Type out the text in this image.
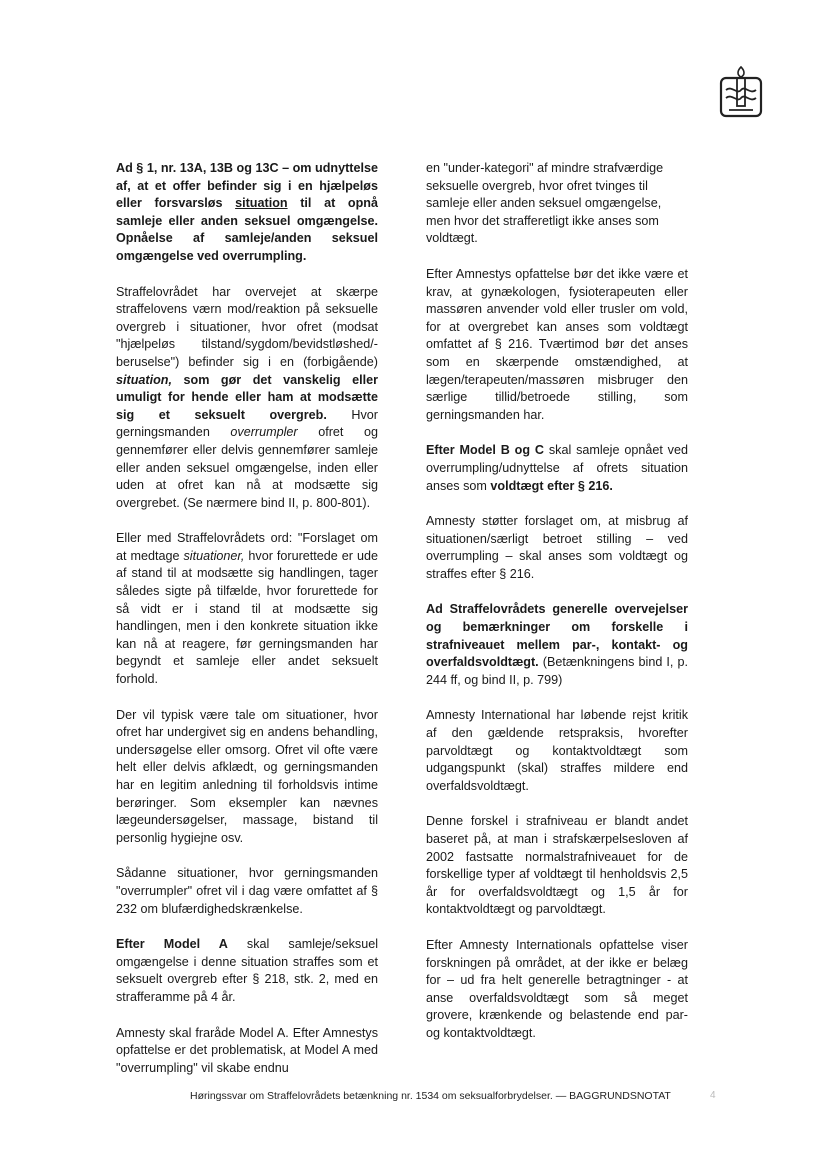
Ad § 1, nr. 13A, 13B og 13C – om udnyttelse af, at et offer befinder sig i en hjælpeløs eller forsvarsløs situation til at opnå samleje eller anden seksuel omgængelse. Opnåelse af samleje/anden seksuel omgængelse ved overrumpling.

Straffelovrådet har overvejet at skærpe straffelovens værn mod/reaktion på seksuelle overgreb i situationer, hvor ofret (modsat "hjælpeløs tilstand/sygdom/bevidstløshed/-beruselse") befinder sig i en (forbigående) situation, som gør det vanskelig eller umuligt for hende eller ham at modsætte sig et seksuelt overgreb. Hvor gerningsmanden overrumpler ofret og gennemfører eller delvis gennemfører samleje eller anden seksuel omgængelse, inden eller uden at ofret kan nå at modsætte sig overgrebet. (Se nærmere bind II, p. 800-801).

Eller med Straffelovrådets ord: "Forslaget om at medtage situationer, hvor forurettede er ude af stand til at modsætte sig handlingen, tager således sigte på tilfælde, hvor forurettede for så vidt er i stand til at modsætte sig handlingen, men i den konkrete situation ikke kan nå at reagere, før gerningsmanden har begyndt et samleje eller andet seksuelt forhold.

Der vil typisk være tale om situationer, hvor ofret har undergivet sig en andens behandling, undersøgelse eller omsorg. Ofret vil ofte være helt eller delvis afklædt, og gerningsmanden har en legitim anledning til forholdsvis intime berøringer. Som eksempler kan nævnes lægeundersøgelser, massage, bistand til personlig hygiejne osv.

Sådanne situationer, hvor gerningsmanden "overrumpler" ofret vil i dag være omfattet af § 232 om blufærdighedskrænkelse.

Efter Model A skal samleje/seksuel omgængelse i denne situation straffes som et seksuelt overgreb efter § 218, stk. 2, med en strafferamme på 4 år.

Amnesty skal fraråde Model A. Efter Amnestys opfattelse er det problematisk, at Model A med "overrumpling" vil skabe endnu

en "under-kategori" af mindre strafværdige seksuelle overgreb, hvor ofret tvinges til samleje eller anden seksuel omgængelse, men hvor det strafferetligt ikke anses som voldtægt.

Efter Amnestys opfattelse bør det ikke være et krav, at gynækologen, fysioterapeuten eller massøren anvender vold eller trusler om vold, for at overgrebet kan anses som voldtægt omfattet af § 216. Tværtimod bør det anses som en skærpende omstændighed, at lægen/terapeuten/massøren misbruger den særlige tillid/betroede stilling, som gerningsmanden har.

Efter Model B og C skal samleje opnået ved overrumpling/udnyttelse af ofrets situation anses som voldtægt efter § 216.

Amnesty støtter forslaget om, at misbrug af situationen/særligt betroet stilling – ved overrumpling – skal anses som voldtægt og straffes efter § 216.

Ad Straffelovrådets generelle overvejelser og bemærkninger om forskelle i strafniveauet mellem par-, kontakt- og overfaldsvoldtægt. (Betænkningens bind I, p. 244 ff, og bind II, p. 799)

Amnesty International har løbende rejst kritik af den gældende retspraksis, hvorefter parvoldtægt og kontaktvoldtægt som udgangspunkt (skal) straffes mildere end overfaldsvoldtægt.

Denne forskel i strafniveau er blandt andet baseret på, at man i strafskærpelsesloven af 2002 fastsatte normalstrafniveauet for de forskellige typer af voldtægt til henholdsvis 2,5 år for overfaldsvoldtægt og 1,5 år for kontaktvoldtægt og parvoldtægt.

Efter Amnesty Internationals opfattelse viser forskningen på området, at der ikke er belæg for – ud fra helt generelle betragtninger - at anse overfaldsvoldtægt som så meget grovere, krænkende og belastende end par- og kontaktvoldtægt.

Høringssvar om Straffelovrådets betænkning nr. 1534 om seksualforbrydelser. — BAGGRUNDSNOTAT	4
